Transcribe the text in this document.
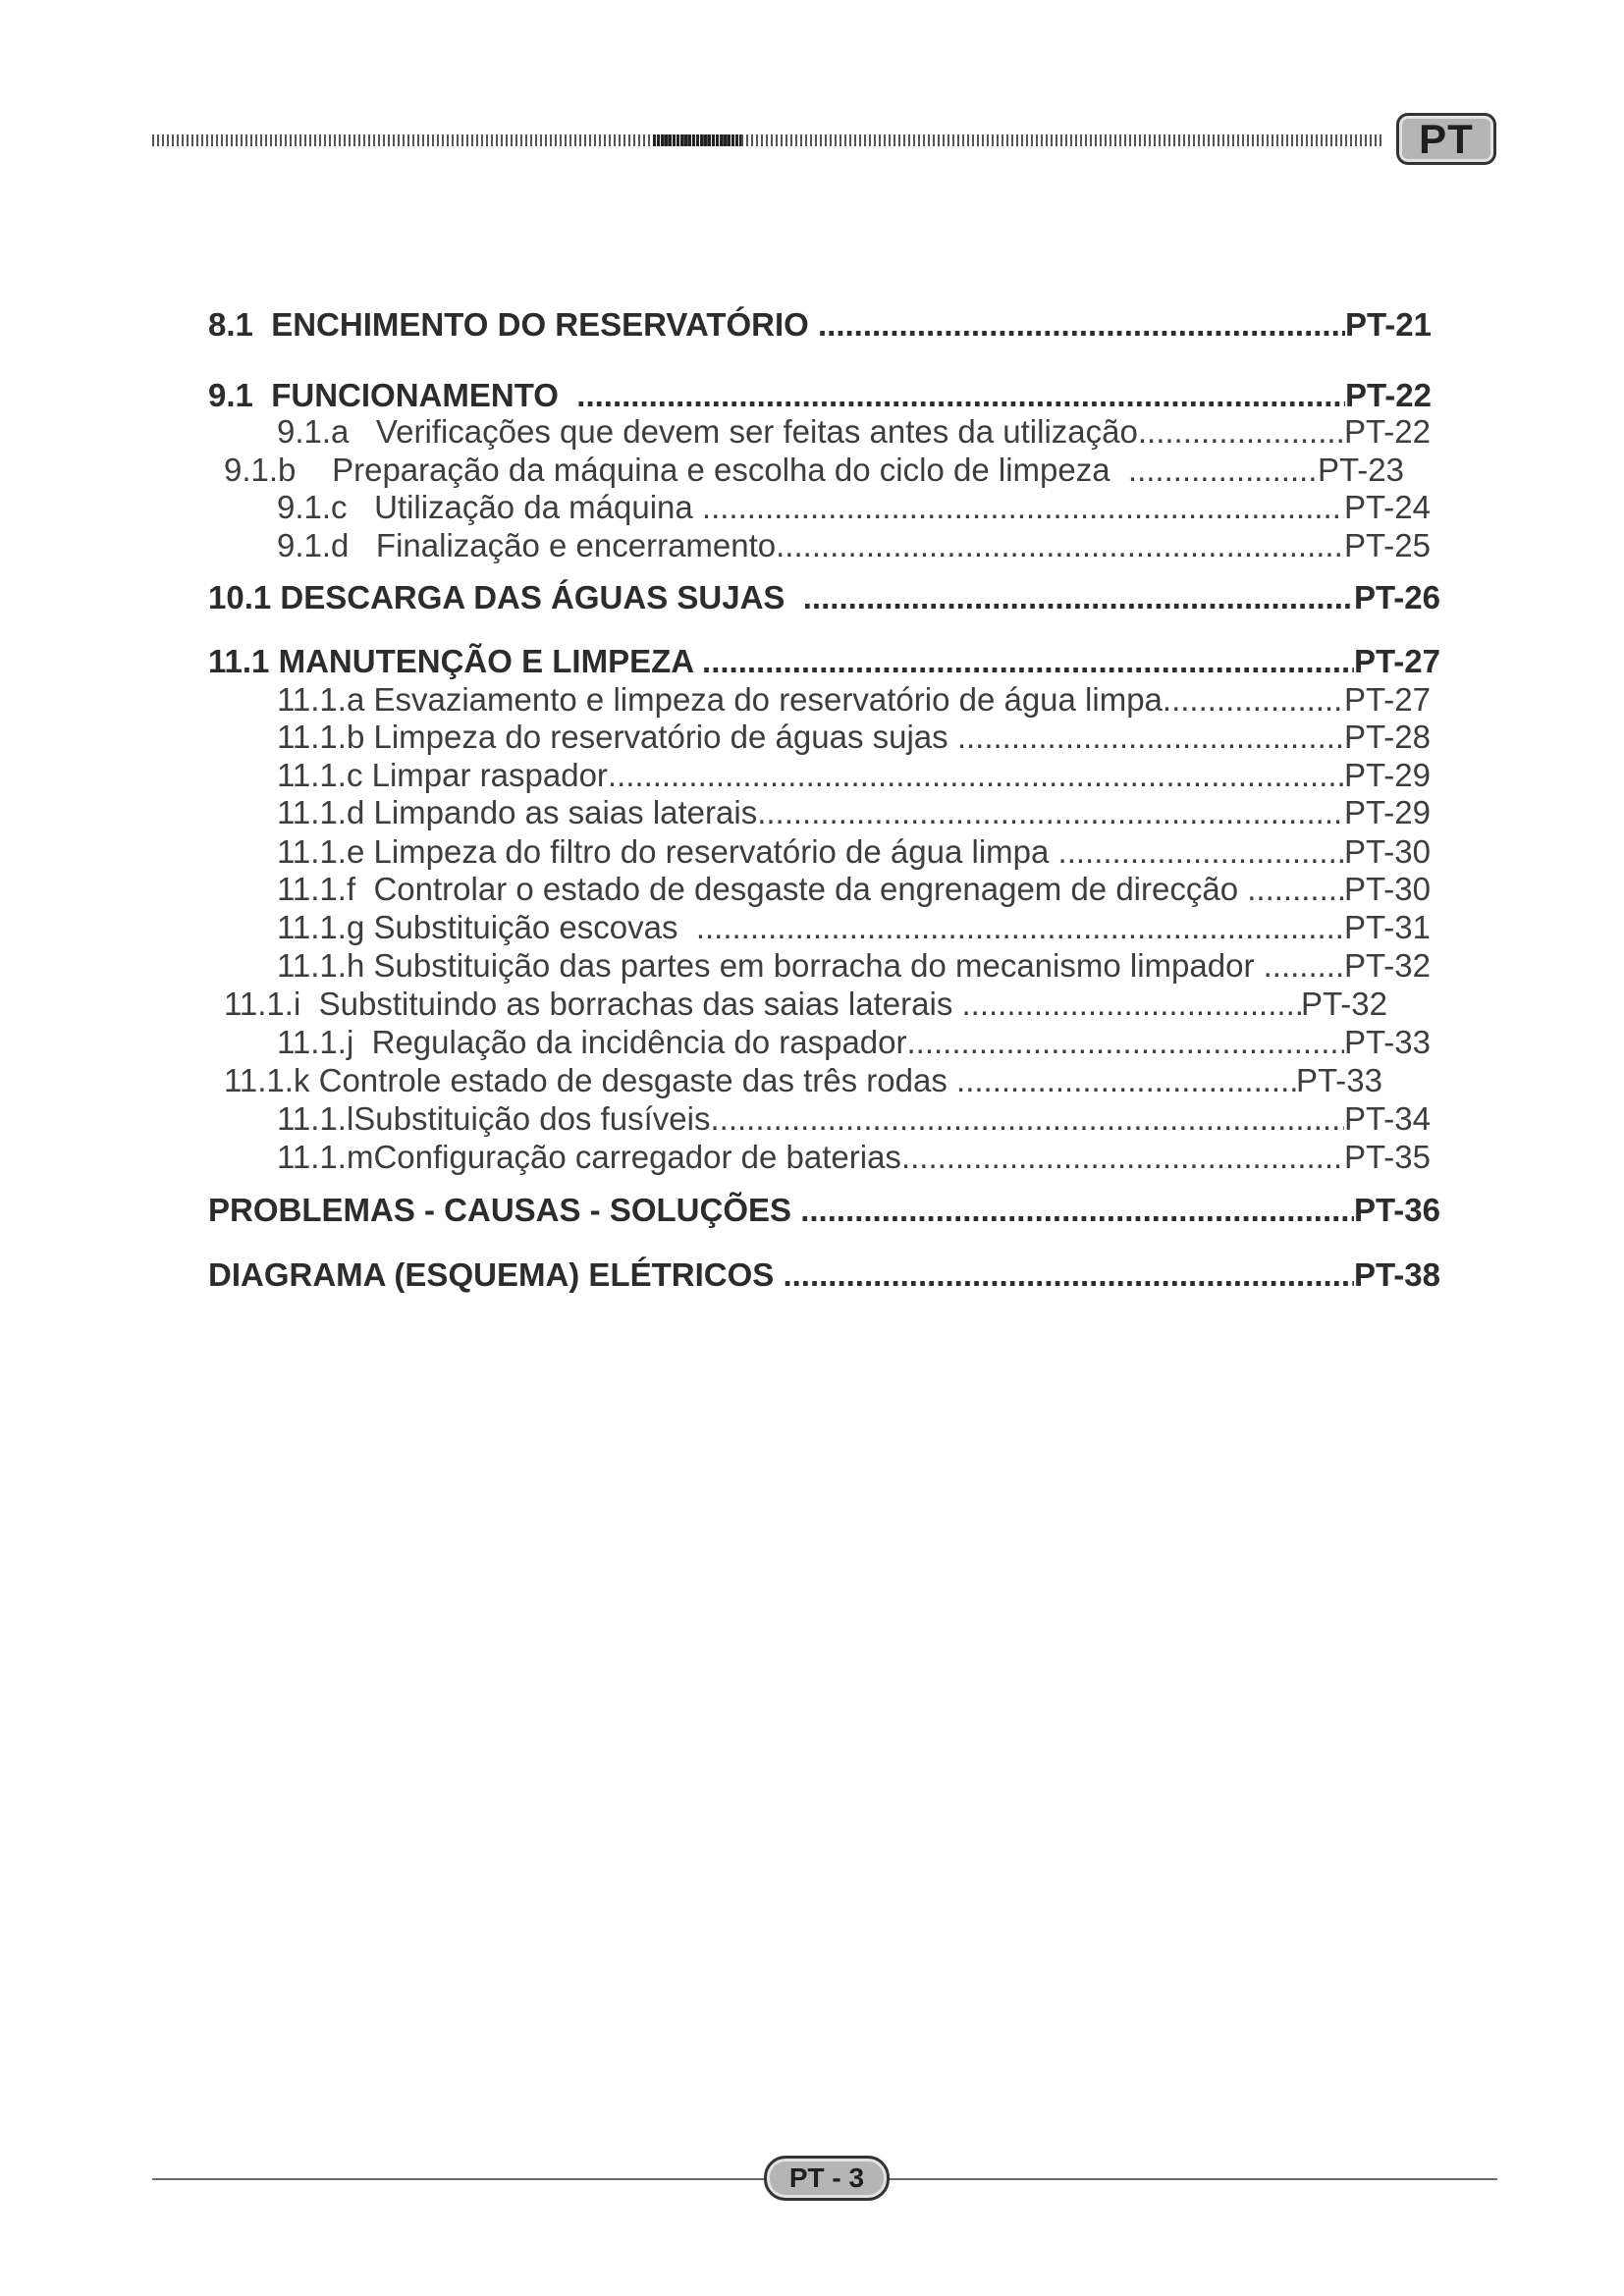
PT
8.1
ENCHIMENTO DO RESERVATÓRIO .....	PT-21
9.1
FUNCIONAMENTO .....	PT-22
9.1.a
Verificações que devem ser feitas antes da utilização .....	PT-22
9.1.b
Preparação da máquina e escolha do ciclo de limpeza .....	PT-23
9.1.c
Utilização da máquina .....	PT-24
9.1.d
Finalização e encerramento .....	PT-25
10.1
DESCARGA DAS ÁGUAS SUJAS .....	PT-26
11.1
MANUTENÇÃO E LIMPEZA .....	PT-27
11.1.a
Esvaziamento e limpeza do reservatório de água limpa .....	PT-27
11.1.b
Limpeza do reservatório de águas sujas .....	PT-28
11.1.c
Limpar raspador .....	PT-29
11.1.d
Limpando as saias laterais .....	PT-29
11.1.e
Limpeza do filtro do reservatório de água limpa .....	PT-30
11.1.f
Controlar o estado de desgaste da engrenagem de direcção .....	PT-30
11.1.g
Substituição escovas .....	PT-31
11.1.h
Substituição das partes em borracha do mecanismo limpador ..... PT-32
11.1.i
Substituindo as borrachas das saias laterais .....	PT-32
11.1.j
Regulação da incidência do raspador .....	PT-33
11.1.k
Controle estado de desgaste das três rodas .....	PT-33
11.1.l Substituição dos fusíveis .....	PT-34
11.1.m Configuração carregador de baterias .....	PT-35
PROBLEMAS - CAUSAS - SOLUÇÕES .....	PT-36
DIAGRAMA (ESQUEMA) ELÉTRICOS .....	PT-38
PT - 3
